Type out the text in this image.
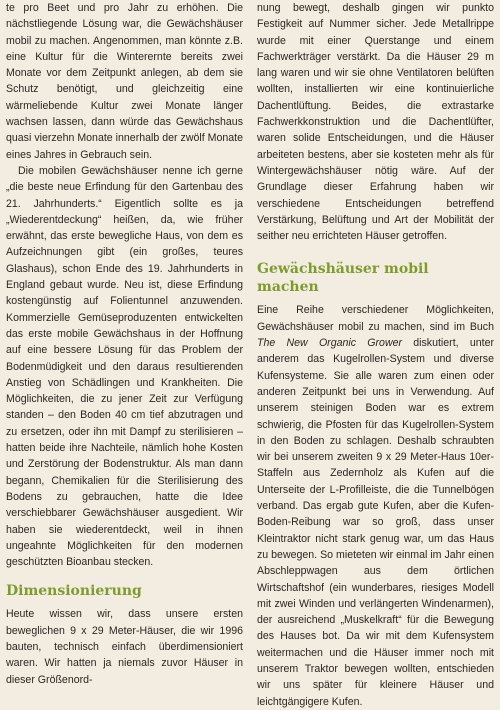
te pro Beet und pro Jahr zu erhöhen. Die nächstliegende Lösung war, die Gewächshäuser mobil zu machen. Angenommen, man könnte z.B. eine Kultur für die Winterernte bereits zwei Monate vor dem Zeitpunkt anlegen, ab dem sie Schutz benötigt, und gleichzeitig eine wärmeliebende Kultur zwei Monate länger wachsen lassen, dann würde das Gewächshaus quasi vierzehn Monate innerhalb der zwölf Monate eines Jahres in Gebrauch sein.

Die mobilen Gewächshäuser nenne ich gerne „die beste neue Erfindung für den Gartenbau des 21. Jahrhunderts.“ Eigentlich sollte es ja „Wiederentdeckung“ heißen, da, wie früher erwähnt, das erste bewegliche Haus, von dem es Aufzeichnungen gibt (ein großes, teures Glashaus), schon Ende des 19. Jahrhunderts in England gebaut wurde. Neu ist, diese Erfindung kostengünstig auf Folientunnel anzuwenden. Kommerzielle Gemüseproduzenten entwickelten das erste mobile Gewächshaus in der Hoffnung auf eine bessere Lösung für das Problem der Bodenmüdigkeit und den daraus resultierenden Anstieg von Schädlingen und Krankheiten. Die Möglichkeiten, die zu jener Zeit zur Verfügung standen – den Boden 40 cm tief abzutragen und zu ersetzen, oder ihn mit Dampf zu sterilisieren – hatten beide ihre Nachteile, nämlich hohe Kosten und Zerstörung der Bodenstruktur. Als man dann begann, Chemikalien für die Sterilisierung des Bodens zu gebrauchen, hatte die Idee verschiebbarer Gewächshäuser ausgedient. Wir haben sie wiederentdeckt, weil in ihnen ungeahnte Möglichkeiten für den modernen geschützten Bioanbau stecken.

Dimensionierung

Heute wissen wir, dass unsere ersten beweglichen 9 x 29 Meter-Häuser, die wir 1996 bauten, technisch einfach überdimensioniert waren. Wir hatten ja niemals zuvor Häuser in dieser Größenord-

nung bewegt, deshalb gingen wir punkto Festigkeit auf Nummer sicher. Jede Metallrippe wurde mit einer Querstange und einem Fachwerkträger verstärkt. Da die Häuser 29 m lang waren und wir sie ohne Ventilatoren belüften wollten, installierten wir eine kontinuierliche Dachentlüftung. Beides, die extrastarke Fachwerkkonstruktion und die Dachentlüfter, waren solide Entscheidungen, und die Häuser arbeiteten bestens, aber sie kosteten mehr als für Wintergewächshäuser nötig wäre. Auf der Grundlage dieser Erfahrung haben wir verschiedene Entscheidungen betreffend Verstärkung, Belüftung und Art der Mobilität der seither neu errichteten Häuser getroffen.

Gewächshäuser mobil machen

Eine Reihe verschiedener Möglichkeiten, Gewächshäuser mobil zu machen, sind im Buch The New Organic Grower diskutiert, unter anderem das Kugelrollen-System und diverse Kufensysteme. Sie alle waren zum einen oder anderen Zeitpunkt bei uns in Verwendung. Auf unserem steinigen Boden war es extrem schwierig, die Pfosten für das Kugelrollen-System in den Boden zu schlagen. Deshalb schraubten wir bei unserem zweiten 9 x 29 Meter-Haus 10er-Staffeln aus Zedernholz als Kufen auf die Unterseite der L-Profilleiste, die die Tunnelbögen verband. Das ergab gute Kufen, aber die Kufen-Boden-Reibung war so groß, dass unser Kleintraktor nicht stark genug war, um das Haus zu bewegen. So mieteten wir einmal im Jahr einen Abschleppwagen aus dem örtlichen Wirtschaftshof (ein wunderbares, riesiges Modell mit zwei Winden und verlängerten Windenarmen), der ausreichend „Muskelkraft“ für die Bewegung des Hauses bot. Da wir mit dem Kufensystem weitermachen und die Häuser immer noch mit unserem Traktor bewegen wollten, entschieden wir uns später für kleinere Häuser und leichtgängigere Kufen.
